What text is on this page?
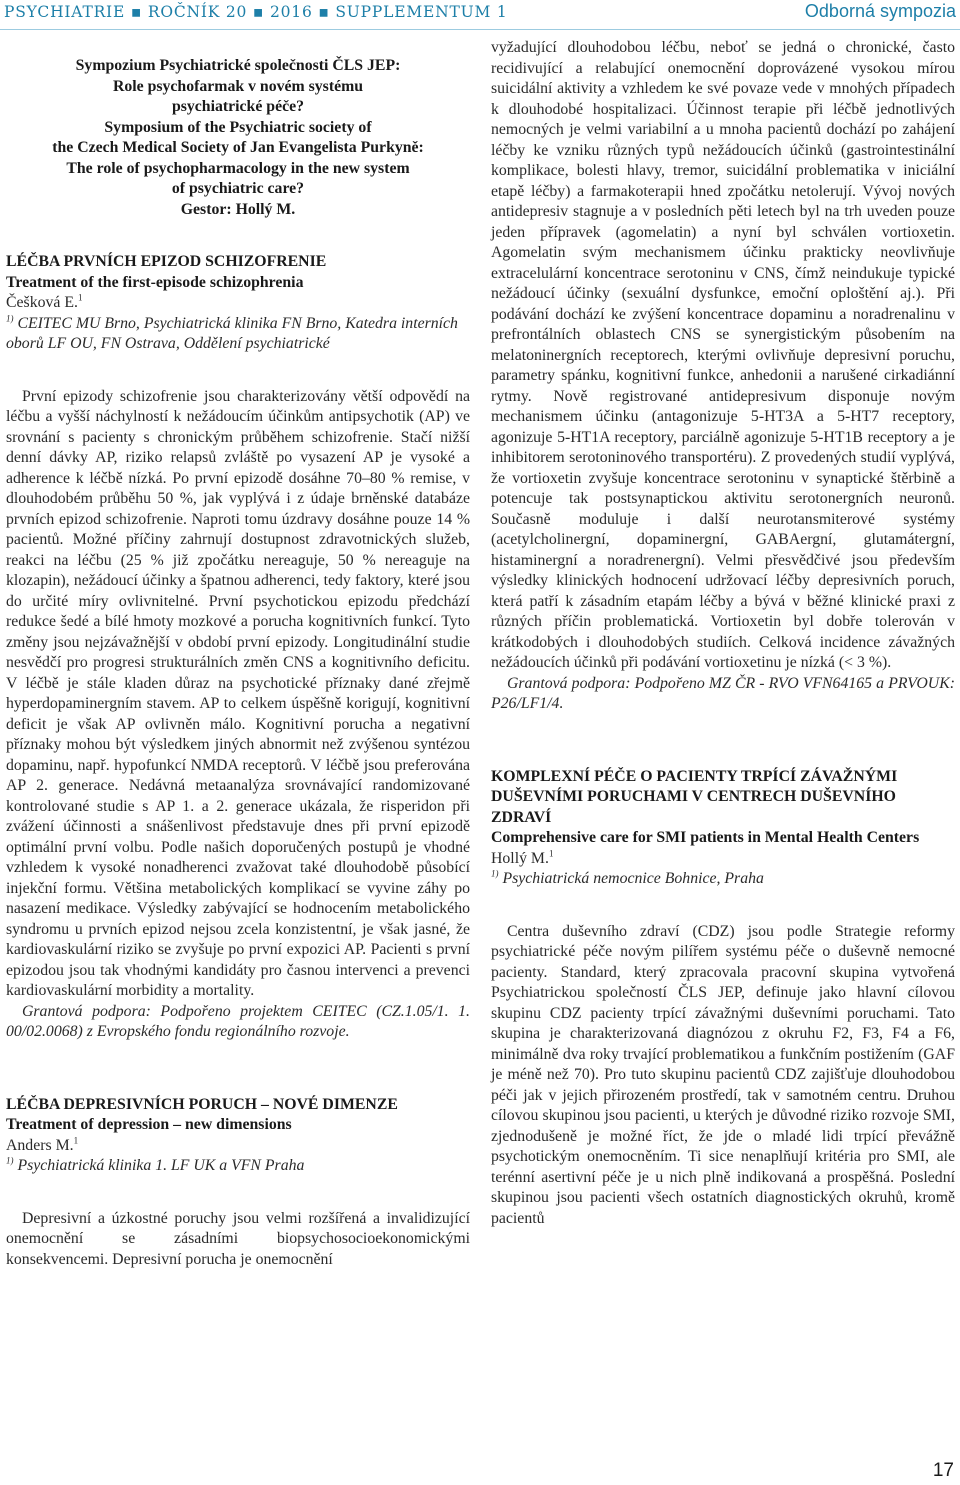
PSYCHIATRIE ▪ ROČNÍK 20 ▪ 2016 ▪ SUPPLEMENTUM 1	Odborná sympozia
Sympozium Psychiatrické společnosti ČLS JEP:
Role psychofarmak v novém systému
psychiatrické péče?
Symposium of the Psychiatric society of
the Czech Medical Society of Jan Evangelista Purkyně:
The role of psychopharmacology in the new system
of psychiatric care?
Gestor: Hollý M.
LÉČBA PRVNÍCH EPIZOD SCHIZOFRENIE
Treatment of the first-episode schizophrenia
Češková E.$^1$
$^{1)}$ CEITEC MU Brno, Psychiatrická klinika FN Brno, Katedra interních oborů LF OU, FN Ostrava, Oddělení psychiatrické

První epizody schizofrenie jsou charakterizovány větší odpovědí na léčbu a vyšší náchylností k nežádoucím účinkům antipsychotik (AP) ve srovnání s pacienty s chronickým průběhem schizofrenie. Stačí nižší denní dávky AP, riziko relapsů zvláště po vysazení AP je vysoké a adherence k léčbě nízká. Po první epizodě dosáhne 70–80 % remise, v dlouhodobém průběhu 50 %, jak vyplývá i z údaje brněnské databáze prvních epizod schizofrenie. Naproti tomu úzdravy dosáhne pouze 14 % pacientů. Možné příčiny zahrnují dostupnost zdravotnických služeb, reakci na léčbu (25 % již zpočátku nereaguje, 50 % nereaguje na klozapin), nežádoucí účinky a špatnou adherenci, tedy faktory, které jsou do určité míry ovlivnitelné. První psychotickou epizodu předchází redukce šedé a bílé hmoty mozkové a porucha kognitivních funkcí. Tyto změny jsou nejzávažnější v období první epizody. Longitudinální studie nesvědčí pro progresi strukturálních změn CNS a kognitivního deficitu. V léčbě je stále kladen důraz na psychotické příznaky dané zřejmě hyperdopaminergním stavem. AP to celkem úspěšně korigují, kognitivní deficit je však AP ovlivněn málo. Kognitivní porucha a negativní příznaky mohou být výsledkem jiných abnormit než zvýšenou syntézou dopaminu, např. hypofunkcí NMDA receptorů. V léčbě jsou preferována AP 2. generace. Nedávná metaanalýza srovnávající randomizované kontrolované studie s AP 1. a 2. generace ukázala, že risperidon při zvážení účinnosti a snášenlivost představuje dnes při první epizodě optimální první volbu. Podle našich doporučených postupů je vhodné vzhledem k vysoké nonadherenci zvažovat také dlouhodobě působící injekční formu. Většina metabolických komplikací se vyvine záhy po nasazení medikace. Výsledky zabývající se hodnocením metabolického syndromu u prvních epizod nejsou zcela konzistentní, je však jasné, že kardiovaskulární riziko se zvyšuje po první expozici AP. Pacienti s první epizodou jsou tak vhodnými kandidáty pro časnou intervenci a prevenci kardiovaskulární morbidity a mortality.

Grantová podpora: Podpořeno projektem CEITEC (CZ.1.05/1. 1. 00/02.0068) z Evropského fondu regionálního rozvoje.
LÉČBA DEPRESIVNÍCH PORUCH – NOVÉ DIMENZE
Treatment of depression – new dimensions
Anders M.$^1$
$^{1)}$ Psychiatrická klinika 1. LF UK a VFN Praha

Depresivní a úzkostné poruchy jsou velmi rozšířená a invalidizující onemocnění se zásadními biopsychosocioekonomickými konsekvencemi. Depresivní porucha je onemocnění

vyžadující dlouhodobou léčbu, neboť se jedná o chronické, často recidivující a relabující onemocnění doprovázené vysokou mírou suicidální aktivity a vzhledem ke své povaze vede v mnohých případech k dlouhodobé hospitalizaci. Účinnost terapie při léčbě jednotlivých nemocných je velmi variabilní a u mnoha pacientů dochází po zahájení léčby ke vzniku různých typů nežádoucích účinků (gastrointestinální komplikace, bolesti hlavy, tremor, suicidální problematika v iniciální etapě léčby) a farmakoterapii hned zpočátku netolerují. Vývoj nových antidepresiv stagnuje a v posledních pěti letech byl na trh uveden pouze jeden přípravek (agomelatin) a nyní byl schválen vortioxetin. Agomelatin svým mechanismem účinku prakticky neovlivňuje extracelulární koncentrace serotoninu v CNS, čímž neindukuje typické nežádoucí účinky (sexuální dysfunkce, emoční oploštění aj.). Při podávání dochází ke zvýšení koncentrace dopaminu a noradrenalinu v prefrontálních oblastech CNS se synergistickým působením na melatoninergních receptorech, kterými ovlivňuje depresivní poruchu, parametry spánku, kognitivní funkce, anhedonii a narušené cirkadiánní rytmy. Nově registrované antidepresivum disponuje novým mechanismem účinku (antagonizuje 5-HT3A a 5-HT7 receptory, agonizuje 5-HT1A receptory, parciálně agonizuje 5-HT1B receptory a je inhibitorem serotoninového transportéru). Z provedených studií vyplývá, že vortioxetin zvyšuje koncentrace serotoninu v synaptické štěrbině a potencuje tak postsynaptickou aktivitu serotonergních neuronů. Současně moduluje i další neurotansmiterové systémy (acetylcholinergní, dopaminergní, GABAergní, glutamátergní, histaminergní a noradrenergní). Velmi přesvědčivé jsou především výsledky klinických hodnocení udržovací léčby depresivních poruch, která patří k zásadním etapám léčby a bývá v běžné klinické praxi z různých příčin problematická. Vortioxetin byl dobře tolerován v krátkodobých i dlouhodobých studiích. Celková incidence závažných nežádoucích účinků při podávání vortioxetinu je nízká (< 3 %).

Grantová podpora: Podpořeno MZ ČR - RVO VFN64165 a PRVOUK: P26/LF1/4.
KOMPLEXNÍ PÉČE O PACIENTY TRPÍCÍ ZÁVAŽNÝMI DUŠEVNÍMI PORUCHAMI V CENTRECH DUŠEVNÍHO ZDRAVÍ
Comprehensive care for SMI patients in Mental Health Centers
Hollý M.$^1$
$^{1)}$ Psychiatrická nemocnice Bohnice, Praha

Centra duševního zdraví (CDZ) jsou podle Strategie reformy psychiatrické péče novým pilířem systému péče o duševně nemocné pacienty. Standard, který zpracovala pracovní skupina vytvořená Psychiatrickou společností ČLS JEP, definuje jako hlavní cílovou skupinu CDZ pacienty trpící závažnými duševními poruchami. Tato skupina je charakterizovaná diagnózou z okruhu F2, F3, F4 a F6, minimálně dva roky trvající problematikou a funkčním postižením (GAF je méně než 70). Pro tuto skupinu pacientů CDZ zajišťuje dlouhodobou péči jak v jejich přirozeném prostředí, tak v samotném centru. Druhou cílovou skupinou jsou pacienti, u kterých je důvodné riziko rozvoje SMI, zjednodušeně je možné říct, že jde o mladé lidi trpící převážně psychotickým onemocněním. Ti sice nenaplňují kritéria pro SMI, ale terénní asertivní péče je u nich plně indikovaná a prospěšná. Poslední skupinou jsou pacienti všech ostatních diagnostických okruhů, kromě pacientů

17
